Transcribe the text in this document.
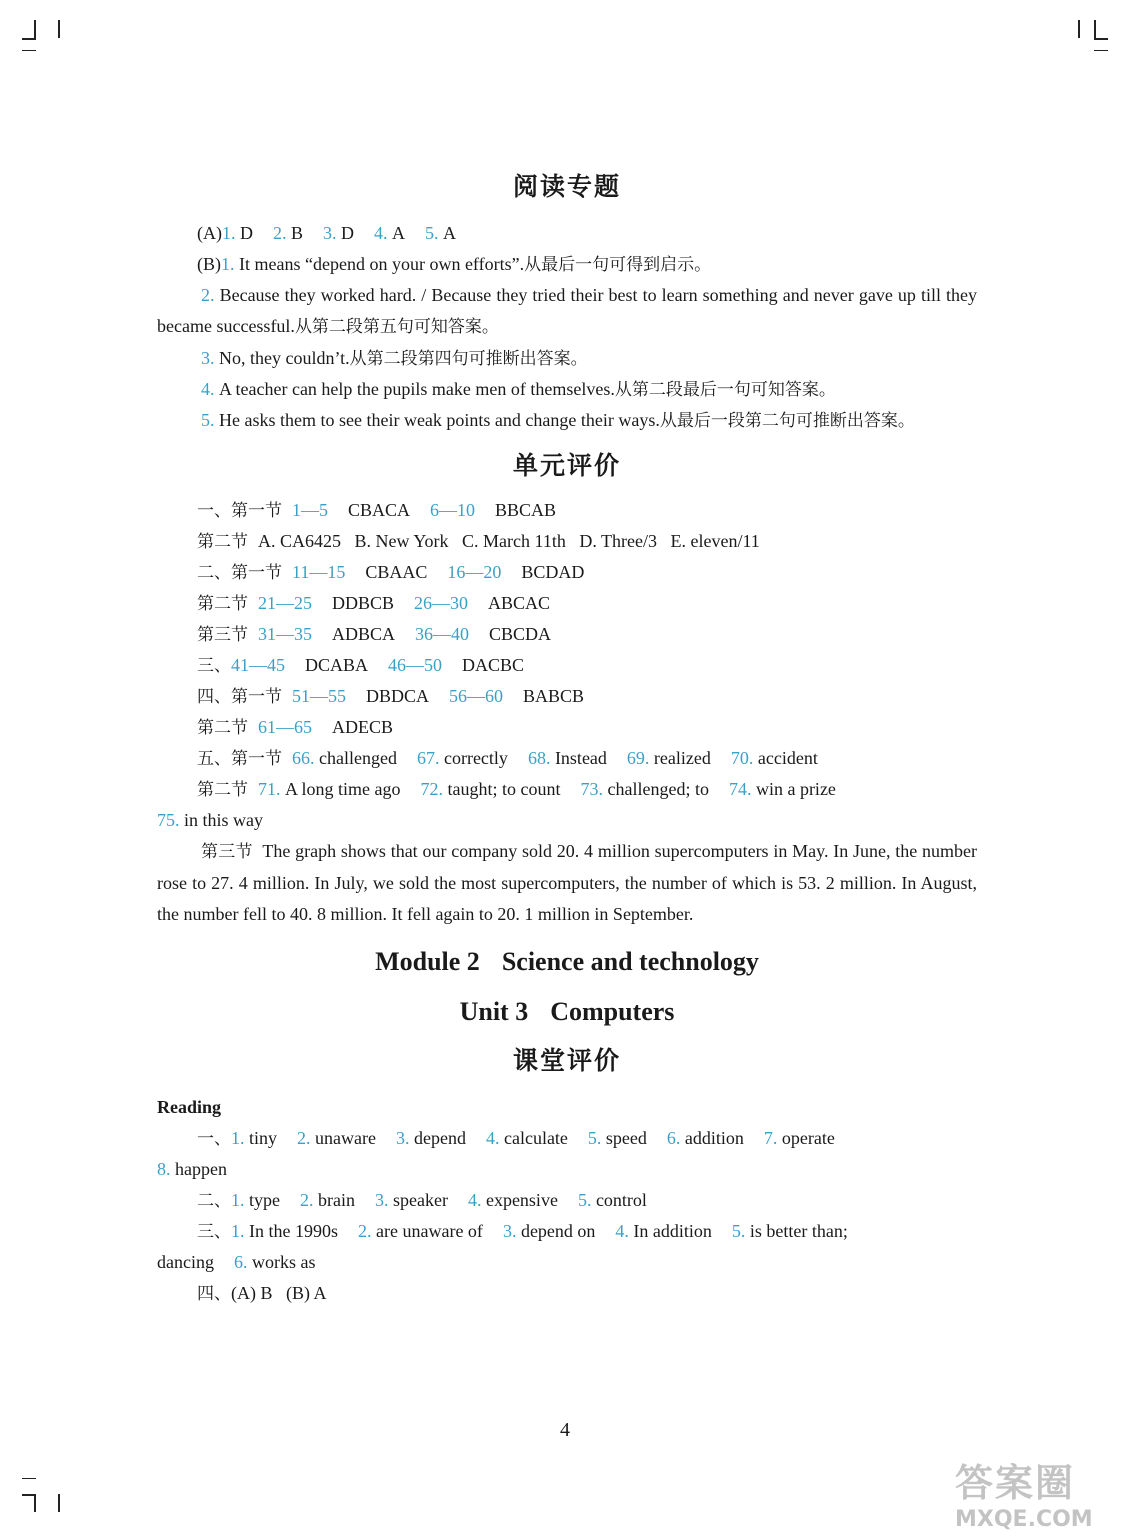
阅读专题
(A)1. D 2. B 3. D 4. A 5. A
(B)1. It means “depend on your own efforts”.从最后一句可得到启示。

2. Because they worked hard. / Because they tried their best to learn something and never gave up till they became successful.从第二段第五句可知答案。

3. No, they couldn’t.从第二段第四句可推断出答案。
4. A teacher can help the pupils make men of themselves.从第二段最后一句可知答案。

5. He asks them to see their weak points and change their ways.从最后一段第二句可推断出答案。

单元评价
一、第一节 1—5 CBACA 6—10 BBCAB
第二节 A. CA6425   B. New York   C. March 11th   D. Three/3   E. eleven/11
二、第一节 11—15 CBAAC 16—20 BCDAD
第二节 21—25 DDBCB 26—30 ABCAC
第三节 31—35 ADBCA 36—40 CBCDA
三、41—45 DCABA 46—50 DACBC
四、第一节 51—55 DBDCA 56—60 BABCB
第二节 61—65 ADECB
五、第一节 66. challenged 67. correctly 68. Instead 69. realized 70. accident
第二节 71. A long time ago 72. taught; to count 73. challenged; to 74. win a prize
75. in this way

第三节 The graph shows that our company sold 20. 4 million supercomputers in May. In June, the number rose to 27. 4 million. In July, we sold the most supercomputers, the number of which is 53. 2 million. In August, the number fell to 40. 8 million. It fell again to 20. 1 million in September.

Module 2 Science and technology
Unit 3 Computers
课堂评价
Reading
一、1. tiny 2. unaware 3. depend 4. calculate 5. speed 6. addition 7. operate
8. happen
二、1. type 2. brain 3. speaker 4. expensive 5. control
三、1. In the 1990s 2. are unaware of 3. depend on 4. In addition 5. is better than;
dancing 6. works as
四、(A) B   (B) A
4
答案圈
MXQE.COM
